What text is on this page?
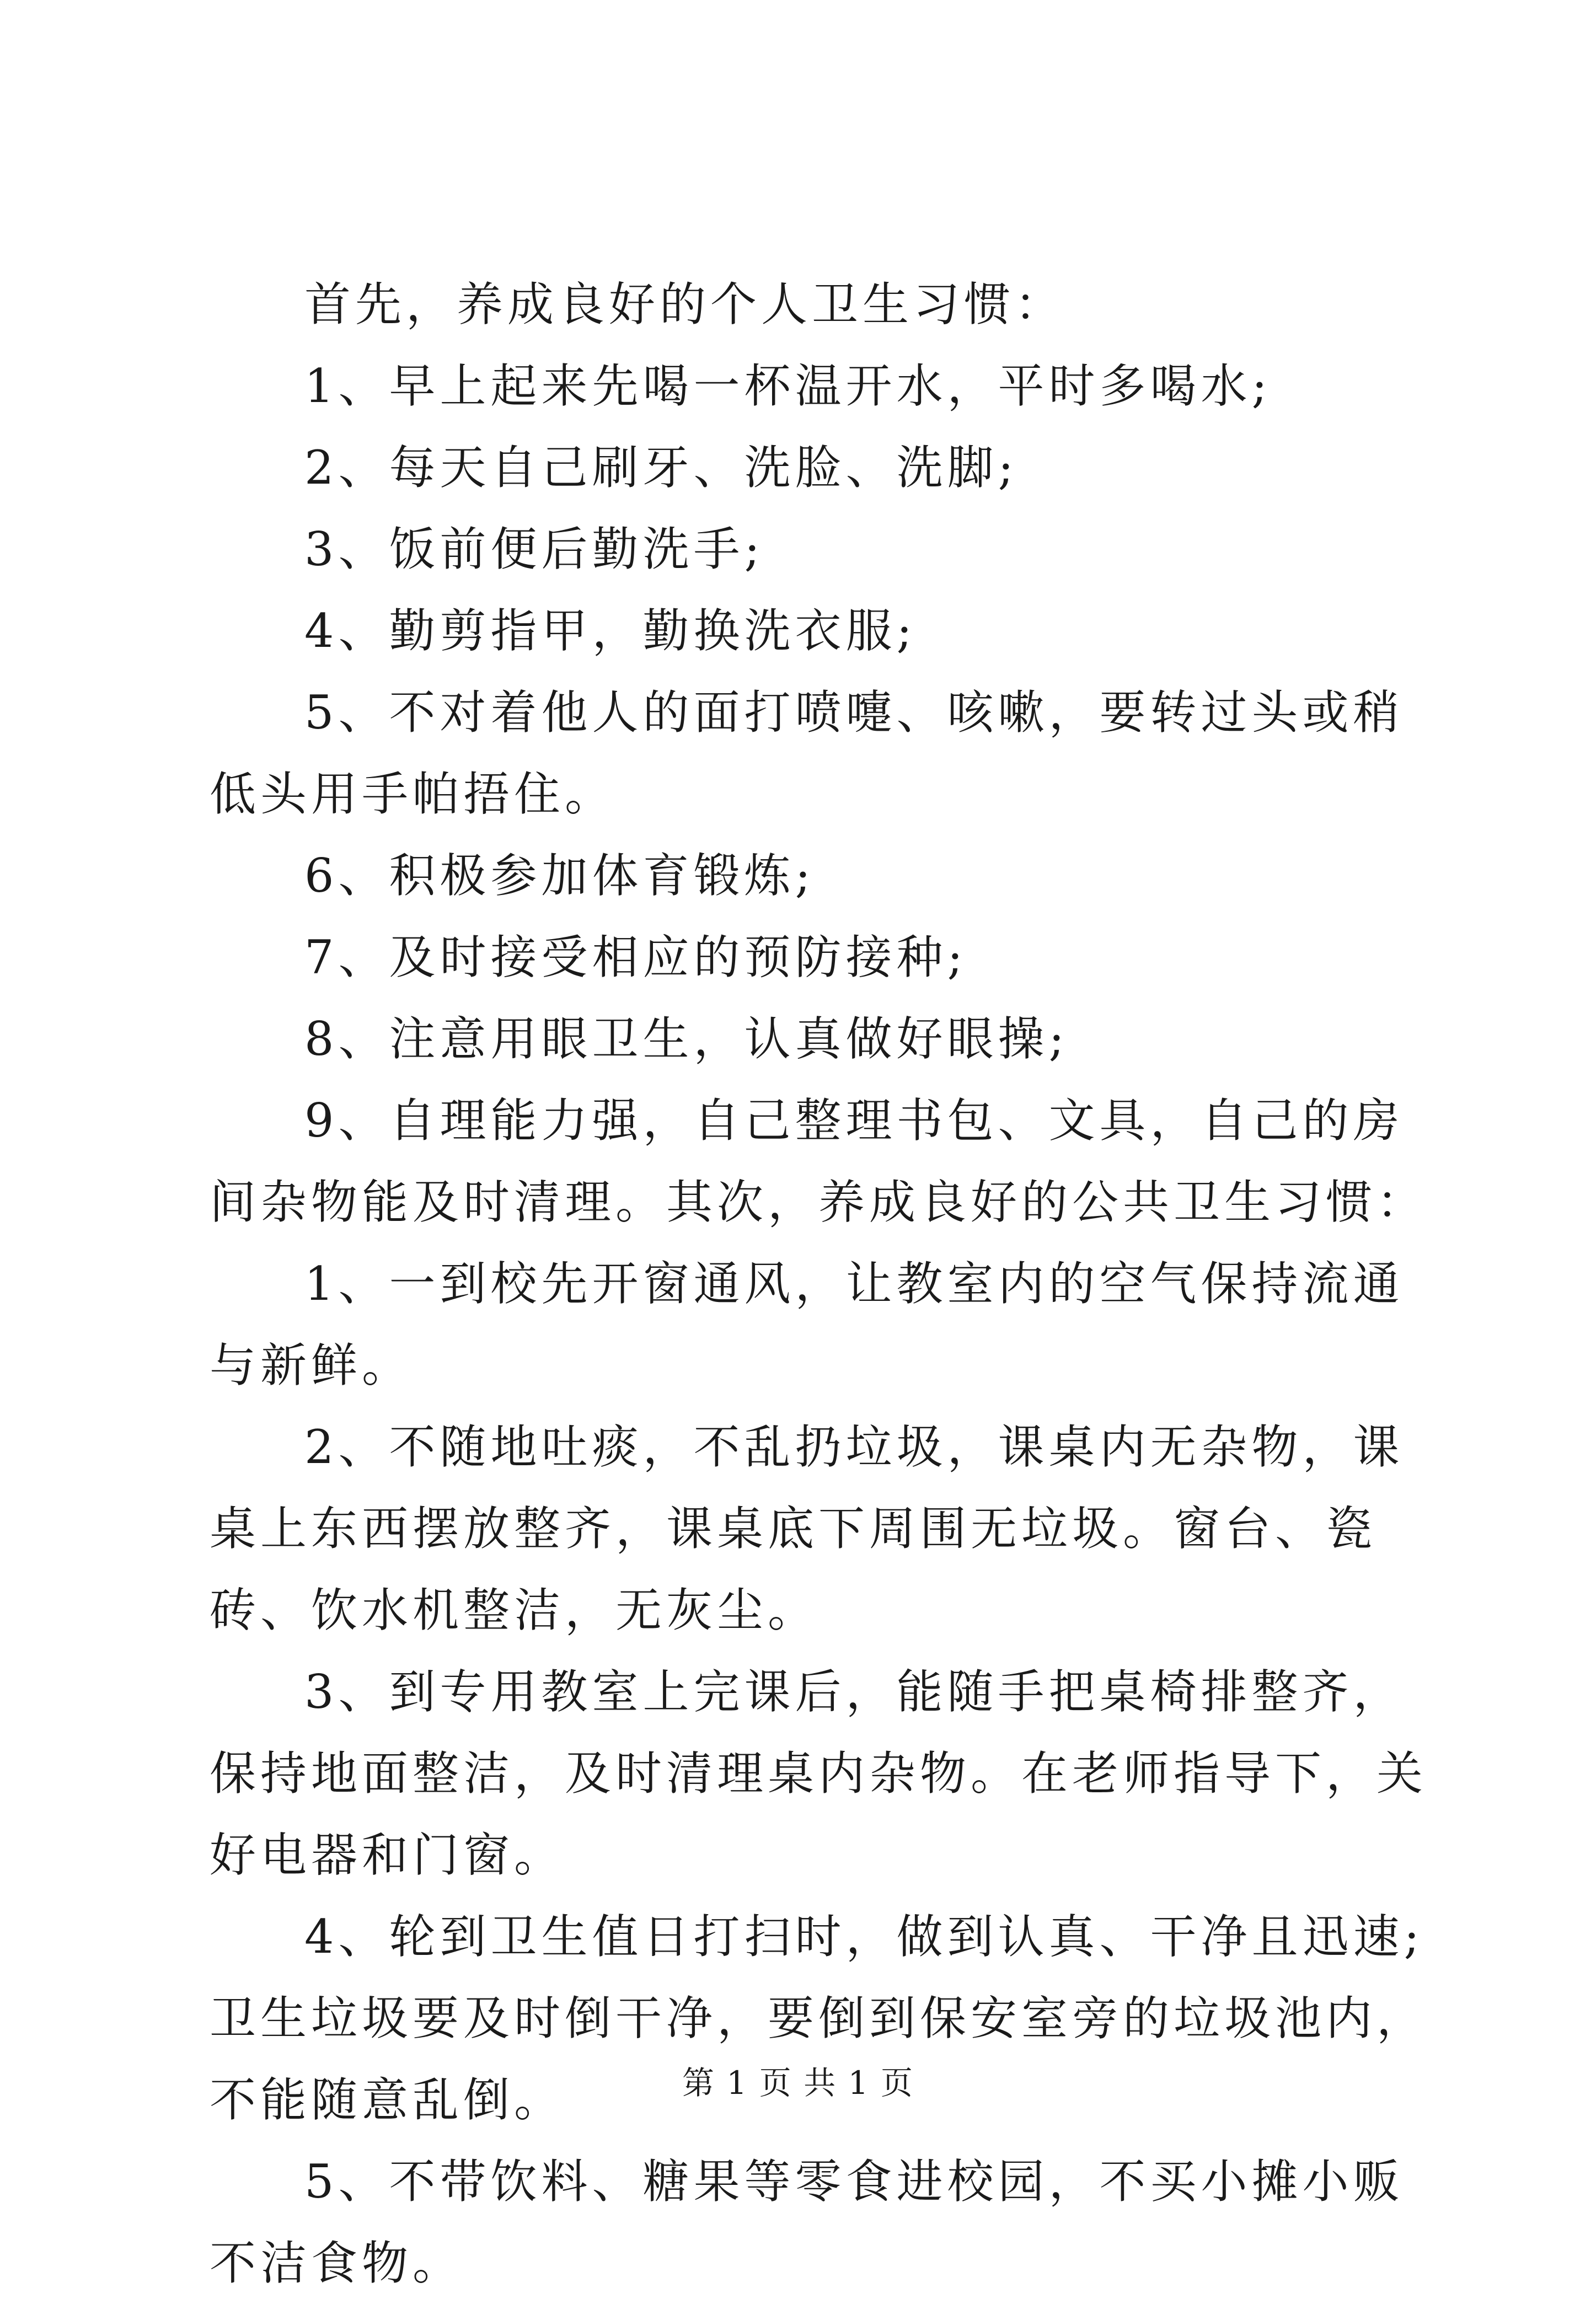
首先，养成良好的个人卫生习惯：

1、早上起来先喝一杯温开水，平时多喝水;

2、每天自己刷牙、洗脸、洗脚;

3、饭前便后勤洗手;

4、勤剪指甲，勤换洗衣服;

5、不对着他人的面打喷嚏、咳嗽，要转过头或稍低头用手帕捂住。

6、积极参加体育锻炼;

7、及时接受相应的预防接种;

8、注意用眼卫生，认真做好眼操;

9、自理能力强，自己整理书包、文具，自己的房间杂物能及时清理。其次，养成良好的公共卫生习惯：

1、一到校先开窗通风，让教室内的空气保持流通与新鲜。

2、不随地吐痰，不乱扔垃圾，课桌内无杂物，课桌上东西摆放整齐，课桌底下周围无垃圾。窗台、瓷砖、饮水机整洁，无灰尘。

3、到专用教室上完课后，能随手把桌椅排整齐，保持地面整洁，及时清理桌内杂物。在老师指导下，关好电器和门窗。

4、轮到卫生值日打扫时，做到认真、干净且迅速;卫生垃圾要及时倒干净，要倒到保安室旁的垃圾池内，不能随意乱倒。

5、不带饮料、糖果等零食进校园，不买小摊小贩不洁食物。

第 1 页 共 1 页
